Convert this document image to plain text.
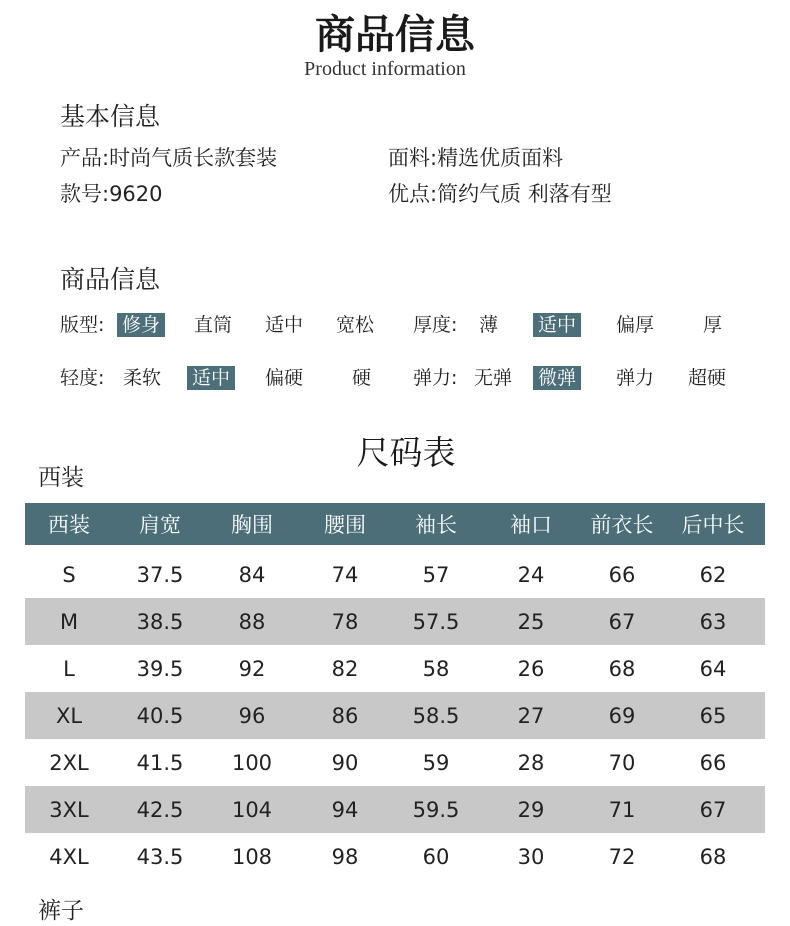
商品信息
Product information
基本信息
产品:时尚气质长款套装	面料:精选优质面料
款号:9620	优点:简约气质 利落有型
商品信息
版型: 修身 直筒 适中 宽松 厚度: 薄 适中 偏厚	厚
轻度: 柔软 适中 偏硬	硬 弹力: 无弹 微弹 弹力 超硬
尺码表
西装
西装	肩宽	胸围	腰围	袖长	袖口	前衣长	后中长

S	37.5	84	74	57	24	66	62
M	38.5	88	78	57.5	25	67	63
L	39.5	92	82	58	26	68	64
XL	40.5	96	86	58.5	27	69	65
2XL	41.5	100	90	59	28	70	66
3XL	42.5	104	94	59.5	29	71	67
4XL	43.5	108	98	60	30	72	68
裤子
